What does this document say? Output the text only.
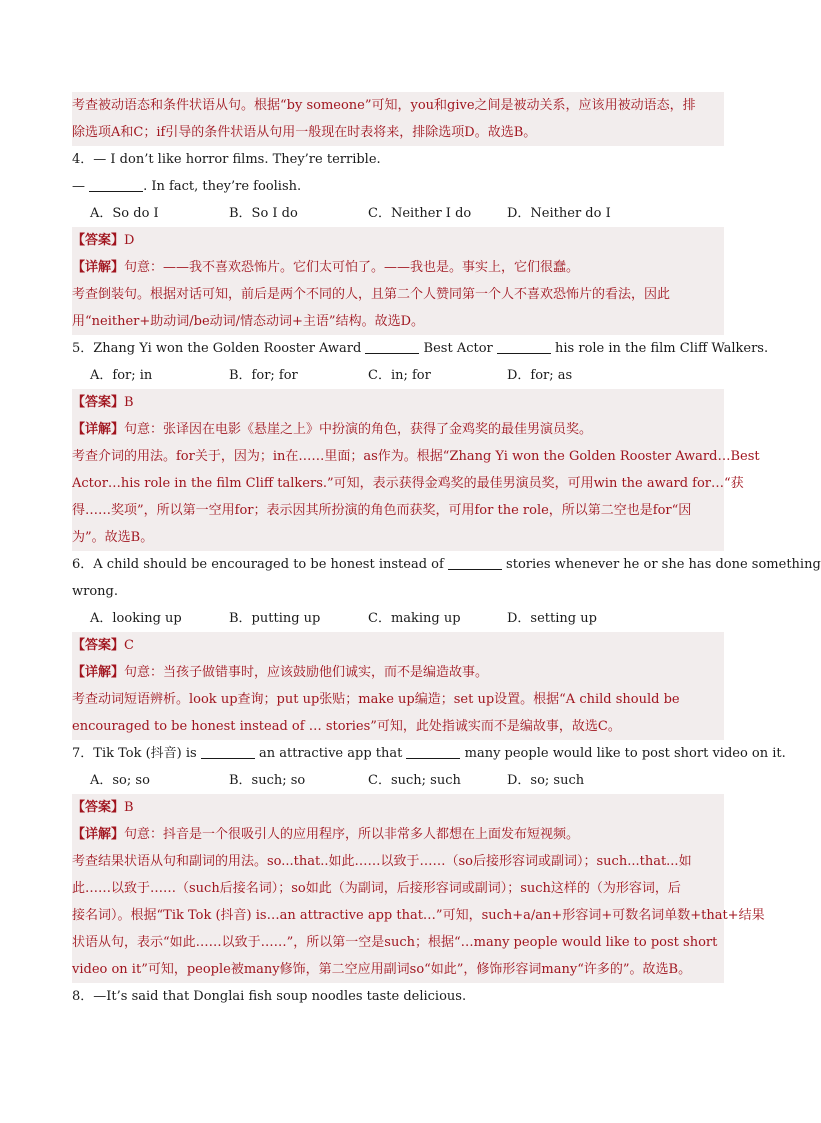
考查被动语态和条件状语从句。根据“by someone”可知，you和give之间是被动关系，应该用被动语态，排
除选项A和C；if引导的条件状语从句用一般现在时表将来，排除选项D。故选B。
4．— I don’t like horror films. They’re terrible.
—	. In fact, they’re foolish.
A．So do I	B．So I do	C．Neither I do	D．Neither do I
【答案】D
【详解】句意：——我不喜欢恐怖片。它们太可怕了。——我也是。事实上，它们很蠢。
考查倒装句。根据对话可知，前后是两个不同的人，且第二个人赞同第一个人不喜欢恐怖片的看法，因此
用“neither+助动词/be动词/情态动词+主语”结构。故选D。
5．Zhang Yi won the Golden Rooster Award	Best Actor	his role in the film Cliff Walkers.
A．for; in	B．for; for	C．in; for	D．for; as
【答案】B
【详解】句意：张译因在电影《悬崖之上》中扮演的角色，获得了金鸡奖的最佳男演员奖。
考查介词的用法。for关于，因为；in在……里面；as作为。根据“Zhang Yi won the Golden Rooster Award…Best
Actor…his role in the film Cliff talkers.”可知，表示获得金鸡奖的最佳男演员奖，可用win the award for…“获
得……奖项”，所以第一空用for；表示因其所扮演的角色而获奖，可用for the role，所以第二空也是for“因
为”。故选B。
6．A child should be encouraged to be honest instead of	stories whenever he or she has done something
wrong.
A．looking up	B．putting up	C．making up	D．setting up
【答案】C
【详解】句意：当孩子做错事时，应该鼓励他们诚实，而不是编造故事。
考查动词短语辨析。look up查询；put up张贴；make up编造；set up设置。根据“A child should be
encouraged to be honest instead of … stories”可知，此处指诚实而不是编故事，故选C。
7．Tik Tok (抖音) is	an attractive app that	many people would like to post short video on it.
A．so; so	B．such; so	C．such; such	D．so; such
【答案】B
【详解】句意：抖音是一个很吸引人的应用程序，所以非常多人都想在上面发布短视频。
考查结果状语从句和副词的用法。so...that..如此……以致于……（so后接形容词或副词）；such...that...如
此……以致于……（such后接名词）；so如此（为副词，后接形容词或副词）；such这样的（为形容词，后
接名词）。根据“Tik Tok (抖音) is…an attractive app that…”可知，such+a/an+形容词+可数名词单数+that+结果
状语从句，表示“如此……以致于……”，所以第一空是such；根据“…many people would like to post short
video on it”可知，people被many修饰，第二空应用副词so“如此”，修饰形容词many“许多的”。故选B。
8．—It’s said that Donglai fish soup noodles taste delicious.
